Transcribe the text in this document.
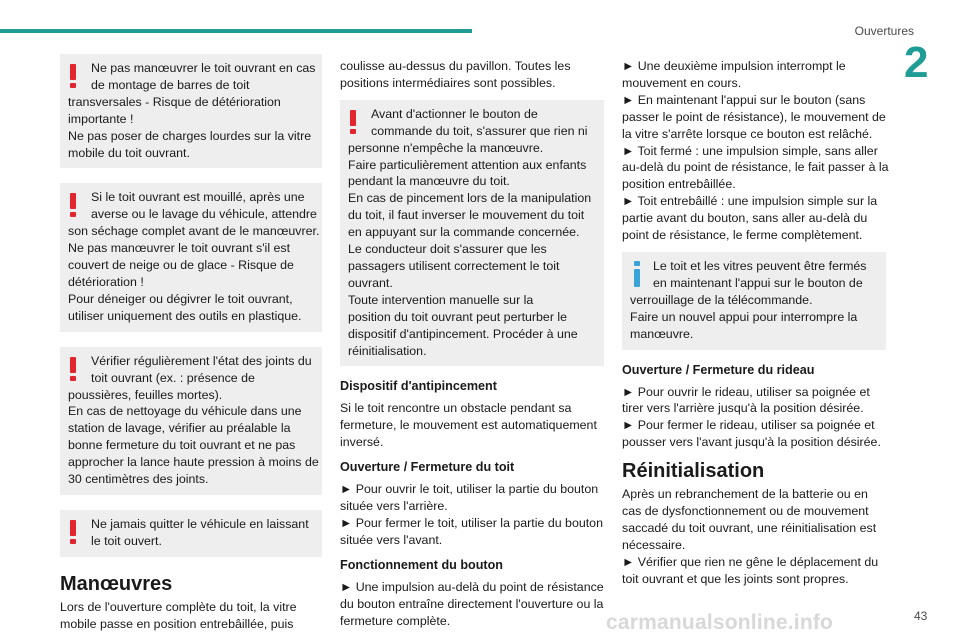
Ouvertures
2
Ne pas manœuvrer le toit ouvrant en cas
de montage de barres de toit
transversales - Risque de détérioration
importante !
Ne pas poser de charges lourdes sur la vitre
mobile du toit ouvrant.
Si le toit ouvrant est mouillé, après une
averse ou le lavage du véhicule, attendre
son séchage complet avant de le manœuvrer.
Ne pas manœuvrer le toit ouvrant s'il est
couvert de neige ou de glace - Risque de
détérioration !
Pour déneiger ou dégivrer le toit ouvrant,
utiliser uniquement des outils en plastique.
Vérifier régulièrement l'état des joints du
toit ouvrant (ex. : présence de
poussières, feuilles mortes).
En cas de nettoyage du véhicule dans une
station de lavage, vérifier au préalable la
bonne fermeture du toit ouvrant et ne pas
approcher la lance haute pression à moins de
30 centimètres des joints.
Ne jamais quitter le véhicule en laissant
le toit ouvert.
Manœuvres
Lors de l'ouverture complète du toit, la vitre
mobile passe en position entrebâillée, puis
coulisse au-dessus du pavillon. Toutes les
positions intermédiaires sont possibles.
Avant d'actionner le bouton de
commande du toit, s'assurer que rien ni
personne n'empêche la manœuvre.
Faire particulièrement attention aux enfants
pendant la manœuvre du toit.
En cas de pincement lors de la manipulation
du toit, il faut inverser le mouvement du toit
en appuyant sur la commande concernée.
Le conducteur doit s'assurer que les
passagers utilisent correctement le toit
ouvrant.
Toute intervention manuelle sur la
position du toit ouvrant peut perturber le
dispositif d'antipincement. Procéder à une
réinitialisation.
Dispositif d'antipincement
Si le toit rencontre un obstacle pendant sa
fermeture, le mouvement est automatiquement
inversé.
Ouverture / Fermeture du toit
► Pour ouvrir le toit, utiliser la partie du bouton
située vers l'arrière.
► Pour fermer le toit, utiliser la partie du bouton
située vers l'avant.
Fonctionnement du bouton
► Une impulsion au-delà du point de résistance
du bouton entraîne directement l'ouverture ou la
fermeture complète.
► Une deuxième impulsion interrompt le
mouvement en cours.
► En maintenant l'appui sur le bouton (sans
passer le point de résistance), le mouvement de
la vitre s'arrête lorsque ce bouton est relâché.
► Toit fermé : une impulsion simple, sans aller
au-delà du point de résistance, le fait passer à la
position entrebâillée.
► Toit entrebâillé : une impulsion simple sur la
partie avant du bouton, sans aller au-delà du
point de résistance, le ferme complètement.
Le toit et les vitres peuvent être fermés
en maintenant l'appui sur le bouton de
verrouillage de la télécommande.
Faire un nouvel appui pour interrompre la
manœuvre.
Ouverture / Fermeture du rideau
► Pour ouvrir le rideau, utiliser sa poignée et
tirer vers l'arrière jusqu'à la position désirée.
► Pour fermer le rideau, utiliser sa poignée et
pousser vers l'avant jusqu'à la position désirée.
Réinitialisation
Après un rebranchement de la batterie ou en
cas de dysfonctionnement ou de mouvement
saccadé du toit ouvrant, une réinitialisation est
nécessaire.
► Vérifier que rien ne gêne le déplacement du
toit ouvrant et que les joints sont propres.
carmanualsonline.info	43
